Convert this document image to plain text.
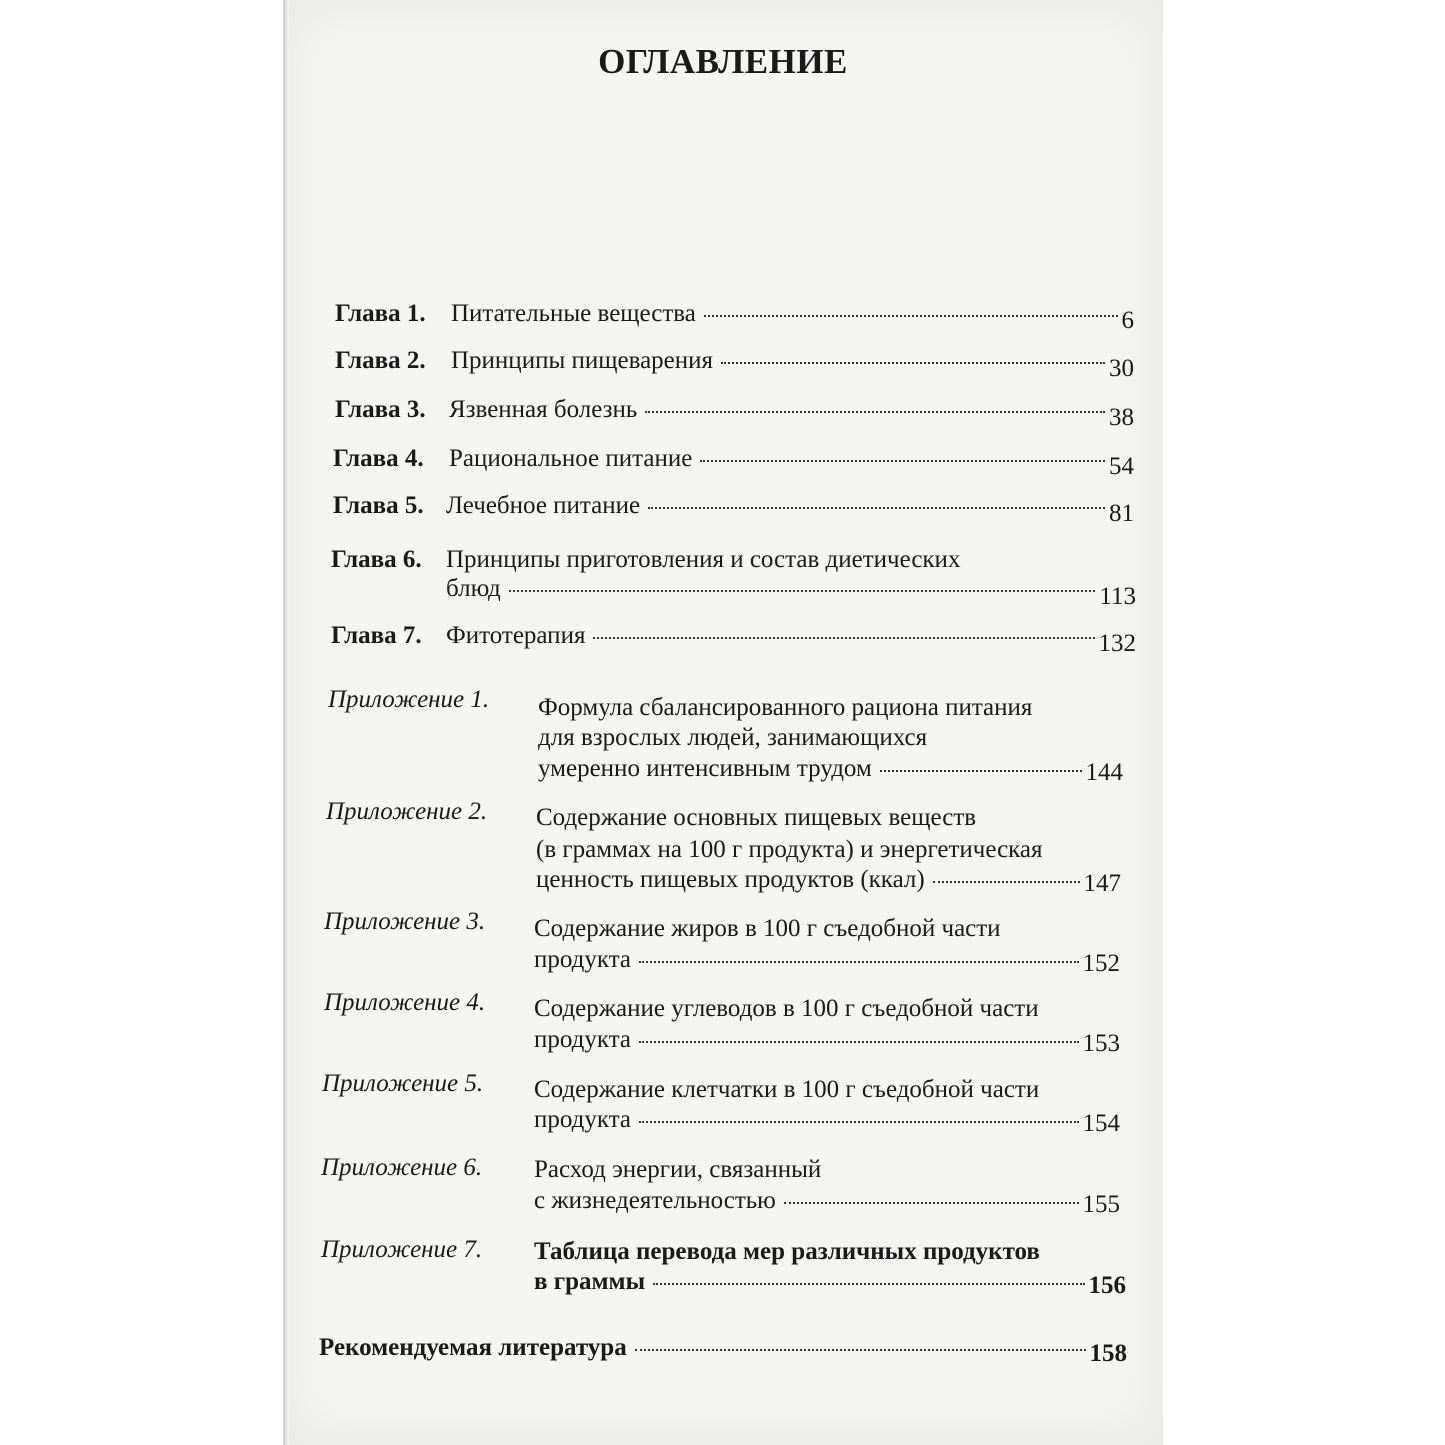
ОГЛАВЛЕНИЕ
Глава 1. Питательные вещества	6
Глава 2. Принципы пищеварения	30
Глава 3. Язвенная болезнь	38
Глава 4. Рациональное питание	54
Глава 5. Лечебное питание	81
Глава 6. Принципы приготовления и состав диетических
блюд	113
Глава 7. Фитотерапия	132
Приложение 1. Формула сбалансированного рациона питания
для взрослых людей, занимающихся
умеренно интенсивным трудом	144
Приложение 2. Содержание основных пищевых веществ
(в граммах на 100 г продукта) и энергетическая
ценность пищевых продуктов (ккал)	147
Приложение 3. Содержание жиров в 100 г съедобной части
продукта	152
Приложение 4. Содержание углеводов в 100 г съедобной части
продукта	153
Приложение 5. Содержание клетчатки в 100 г съедобной части
продукта	154
Приложение 6. Расход энергии, связанный
с жизнедеятельностью	155
Приложение 7. Таблица перевода мер различных продуктов
в граммы	156
Рекомендуемая литература	158
